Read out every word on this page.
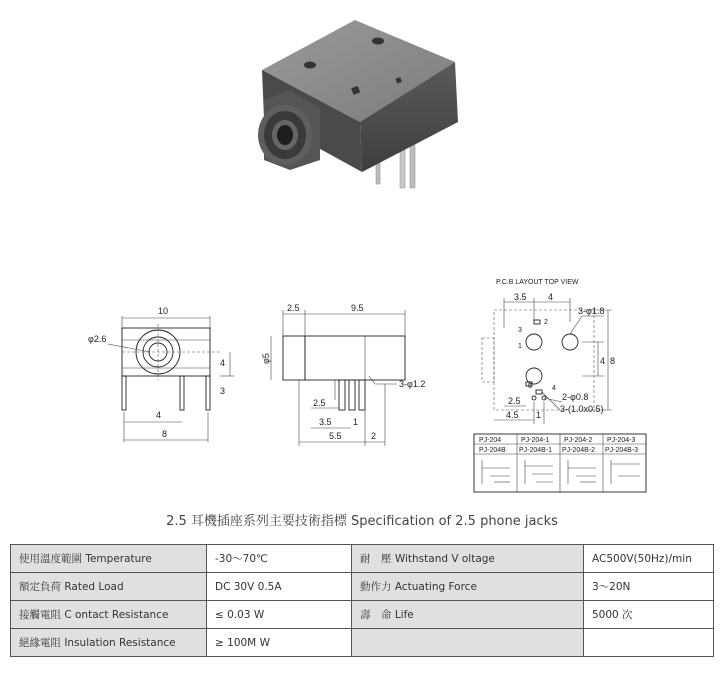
10
φ2.6
4
3
4
8
2.5	9.5
φ5
3-φ1.2
2.5
3.5 1
5.5	2
P.C.B LAYOUT TOP VIEW
3.5 4
3
2
1
5	4
3-φ1.8
2-φ0.8
3-(1.0x0.5)
4 8
2.5
4.5 1
PJ-204	PJ-204-1 PJ-204-2 PJ-204-3
PJ-204B PJ-204B-1 PJ-204B-2 PJ-204B-3
2.5 耳機插座系列主要技術指標 Specification of 2.5 phone jacks
使用溫度範圍 Temperature	-30～70℃	耐　壓 Withstand V oltage	AC500V(50Hz)/min
額定負荷 Rated Load	DC 30V 0.5A	動作力 Actuating Force	3～20N
接觸電阻 C ontact Resistance	≤ 0.03 W	壽　命 Life	5000 次
絕緣電阻 Insulation Resistance	≥ 100M W		
